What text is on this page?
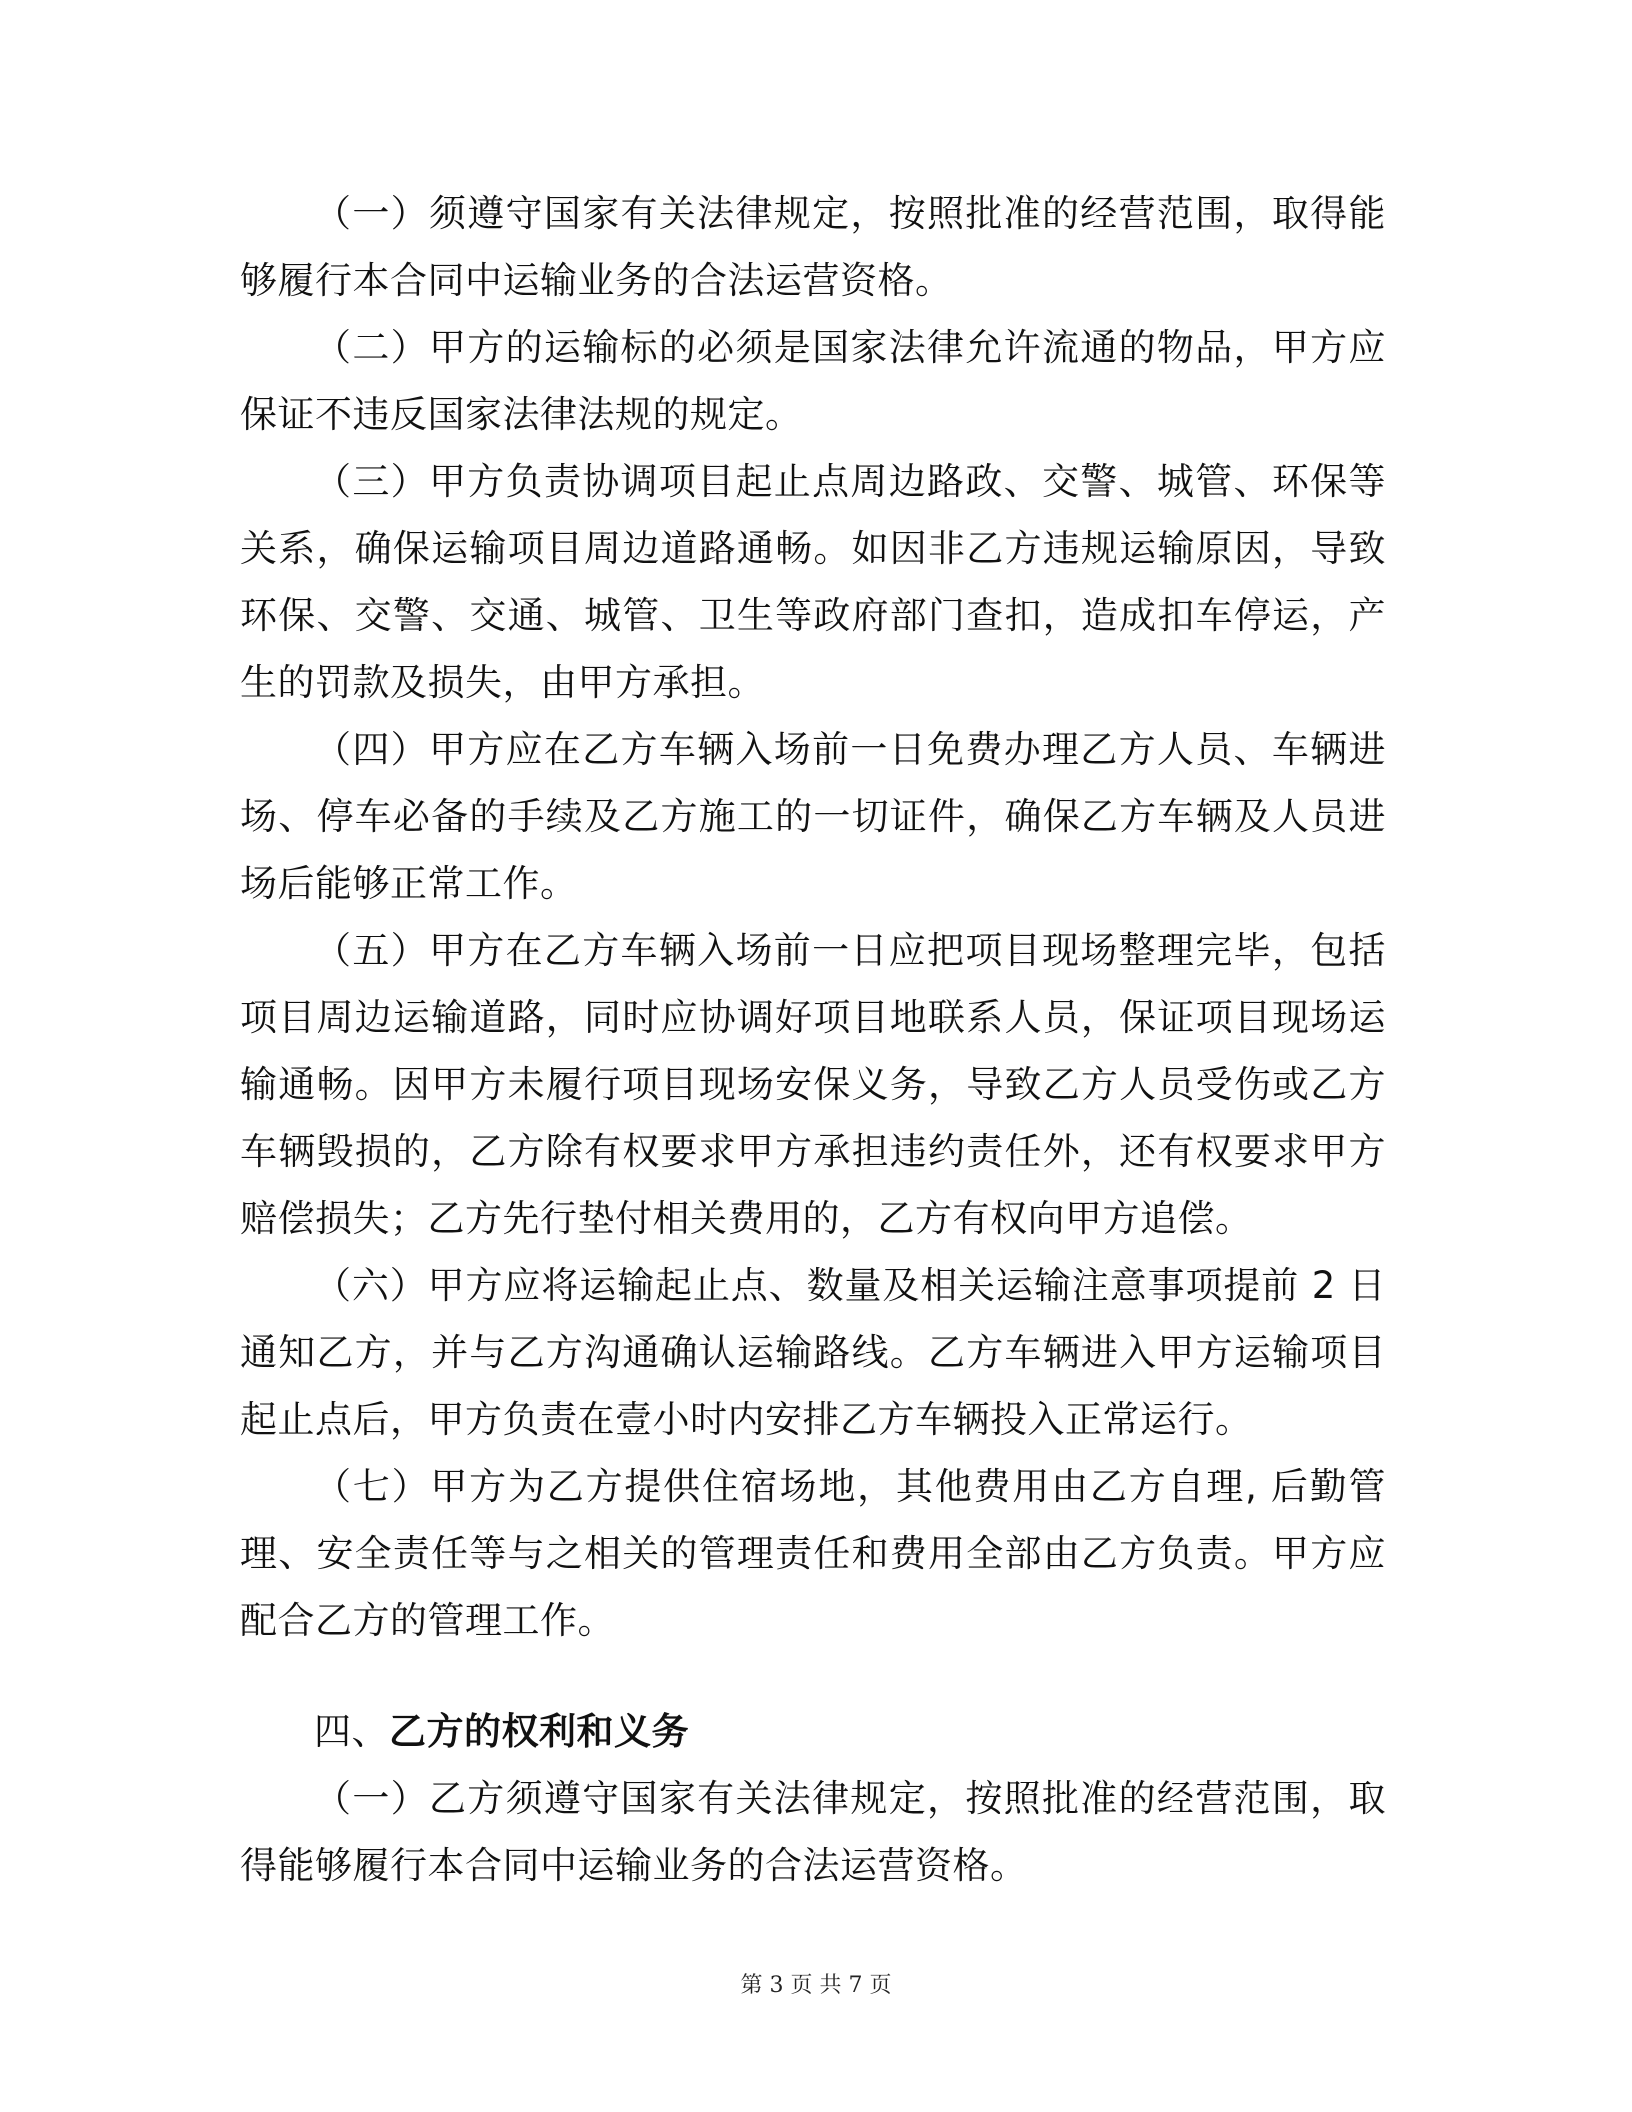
（一）须遵守国家有关法律规定，按照批准的经营范围，取得能够履行本合同中运输业务的合法运营资格。

（二）甲方的运输标的必须是国家法律允许流通的物品，甲方应保证不违反国家法律法规的规定。

（三）甲方负责协调项目起止点周边路政、交警、城管、环保等关系，确保运输项目周边道路通畅。如因非乙方违规运输原因，导致环保、交警、交通、城管、卫生等政府部门查扣，造成扣车停运，产生的罚款及损失，由甲方承担。

（四）甲方应在乙方车辆入场前一日免费办理乙方人员、车辆进场、停车必备的手续及乙方施工的一切证件，确保乙方车辆及人员进场后能够正常工作。

（五）甲方在乙方车辆入场前一日应把项目现场整理完毕，包括项目周边运输道路，同时应协调好项目地联系人员，保证项目现场运输通畅。因甲方未履行项目现场安保义务，导致乙方人员受伤或乙方车辆毁损的，乙方除有权要求甲方承担违约责任外，还有权要求甲方赔偿损失；乙方先行垫付相关费用的，乙方有权向甲方追偿。

（六）甲方应将运输起止点、数量及相关运输注意事项提前 2 日通知乙方，并与乙方沟通确认运输路线。乙方车辆进入甲方运输项目起止点后，甲方负责在壹小时内安排乙方车辆投入正常运行。

（七）甲方为乙方提供住宿场地，其他费用由乙方自理, 后勤管理、安全责任等与之相关的管理责任和费用全部由乙方负责。甲方应配合乙方的管理工作。

四、乙方的权利和义务

（一）乙方须遵守国家有关法律规定，按照批准的经营范围，取得能够履行本合同中运输业务的合法运营资格。

第 3 页 共 7 页
